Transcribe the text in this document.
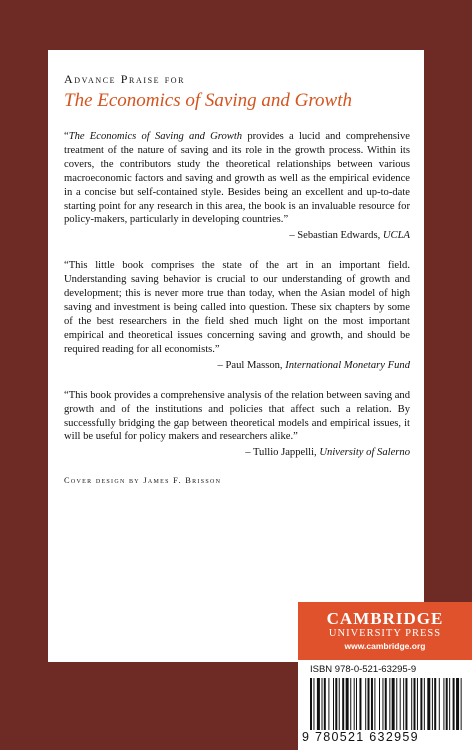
Advance Praise for

The Economics of Saving and Growth

“The Economics of Saving and Growth provides a lucid and comprehensive treatment of the nature of saving and its role in the growth process. Within its covers, the contributors study the theoretical relationships between various macroeconomic factors and saving and growth as well as the empirical evidence in a concise but self-contained style. Besides being an excellent and up-to-date starting point for any research in this area, the book is an invaluable resource for policy-makers, particularly in developing countries.”

– Sebastian Edwards, UCLA

“This little book comprises the state of the art in an important field. Understanding saving behavior is crucial to our understanding of growth and development; this is never more true than today, when the Asian model of high saving and investment is being called into question. These six chapters by some of the best researchers in the field shed much light on the most important empirical and theoretical issues concerning saving and growth, and should be required reading for all economists.”

– Paul Masson, International Monetary Fund

“This book provides a comprehensive analysis of the relation between saving and growth and of the institutions and policies that affect such a relation. By successfully bridging the gap between theoretical models and empirical issues, it will be useful for policy makers and researchers alike.”

– Tullio Jappelli, University of Salerno

Cover design by James F. Brisson

CAMBRIDGE
UNIVERSITY PRESS
www.cambridge.org
ISBN 978-0-521-63295-9
9 780521 632959
